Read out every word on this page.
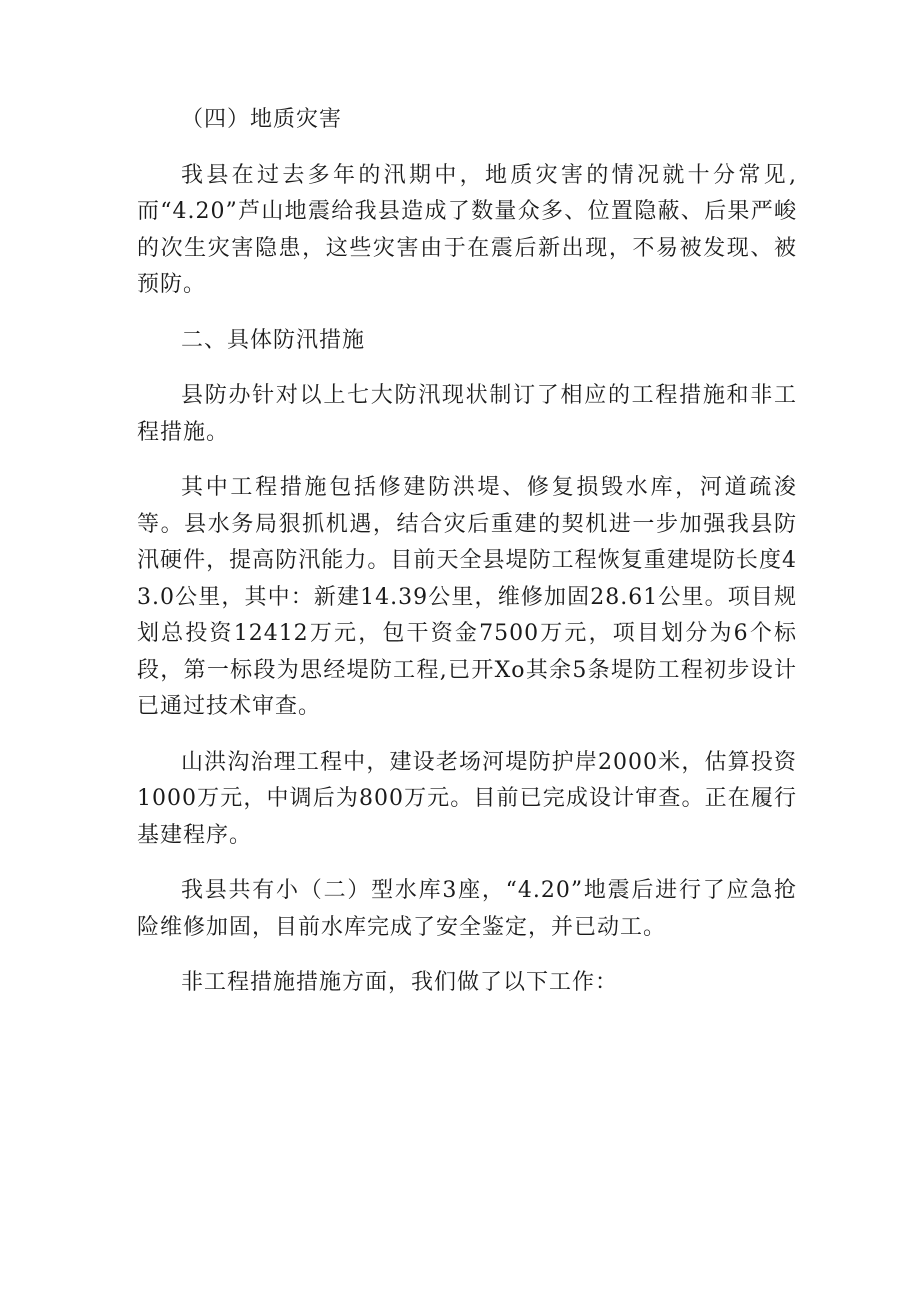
（四）地质灾害

我县在过去多年的汛期中，地质灾害的情况就十分常见,而“4.20”芦山地震给我县造成了数量众多、位置隐蔽、后果严峻的次生灾害隐患，这些灾害由于在震后新出现，不易被发现、被预防。

二、具体防汛措施

县防办针对以上七大防汛现状制订了相应的工程措施和非工程措施。

其中工程措施包括修建防洪堤、修复损毁水库，河道疏浚等。县水务局狠抓机遇，结合灾后重建的契机进一步加强我县防汛硬件，提高防汛能力。目前天全县堤防工程恢复重建堤防长度43.0公里，其中：新建14.39公里，维修加固28.61公里。项目规划总投资12412万元，包干资金7500万元，项目划分为6个标段，第一标段为思经堤防工程,已开Xo其余5条堤防工程初步设计已通过技术审查。

山洪沟治理工程中，建设老场河堤防护岸2000米，估算投资1000万元，中调后为800万元。目前已完成设计审查。正在履行基建程序。

我县共有小（二）型水库3座，“4.20”地震后进行了应急抢险维修加固，目前水库完成了安全鉴定，并已动工。

非工程措施措施方面，我们做了以下工作：
